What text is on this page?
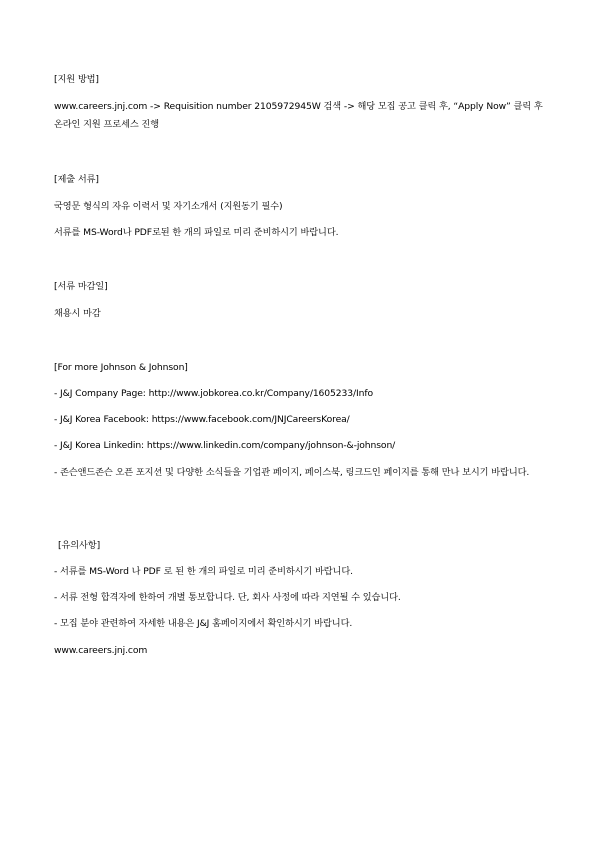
[지원 방법]
www.careers.jnj.com -> Requisition number 2105972945W 검색 -> 해당 모집 공고 클릭 후, “Apply Now” 클릭 후 온라인 지원 프로세스 진행
[제출 서류]
국영문 형식의 자유 이력서 및 자기소개서 (지원동기 필수)
서류를 MS-Word나 PDF로된 한 개의 파일로 미리 준비하시기 바랍니다.
[서류 마감일]
채용시 마감
[For more Johnson & Johnson]
- J&J Company Page: http://www.jobkorea.co.kr/Company/1605233/Info
- J&J Korea Facebook: https://www.facebook.com/JNJCareersKorea/
- J&J Korea Linkedin: https://www.linkedin.com/company/johnson-&-johnson/
- 존슨앤드존슨 오픈 포지션 및 다양한 소식들을 기업관 페이지, 페이스북, 링크드인 페이지를 통해 만나 보시기 바랍니다.
[유의사항]
- 서류를 MS-Word 나 PDF 로 된 한 개의 파일로 미리 준비하시기 바랍니다.
- 서류 전형 합격자에 한하여 개별 통보합니다. 단, 회사 사정에 따라 지연될 수 있습니다.
- 모집 분야 관련하여 자세한 내용은 J&J 홈페이지에서 확인하시기 바랍니다.
www.careers.jnj.com
